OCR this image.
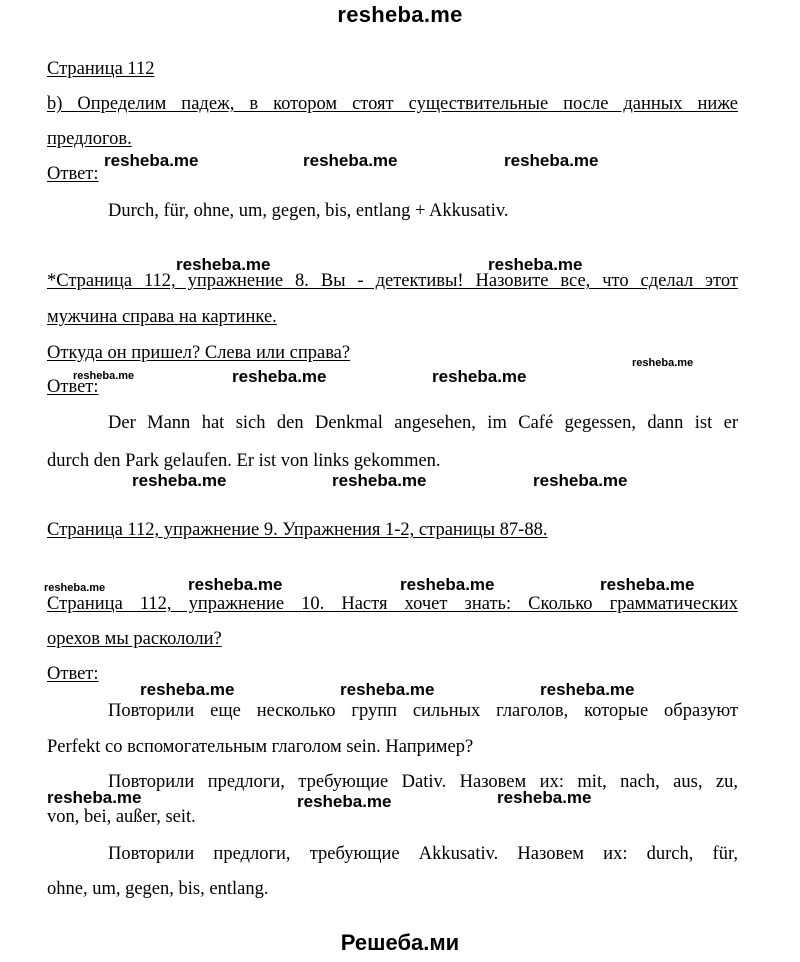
resheba.me
Страница 112
b) Определим падеж, в котором стоят существительные после данных ниже
предлогов.
Ответ:
Durch, für, ohne, um, gegen, bis, entlang + Akkusativ.
*Страница 112, упражнение 8. Вы - детективы! Назовите все, что сделал этот
мужчина справа на картинке.
Откуда он пришел? Слева или справа?
Ответ:
Der Mann hat sich den Denkmal angesehen, im Café gegessen, dann ist er
durch den Park gelaufen. Er ist von links gekommen.
Страница 112, упражнение 9. Упражнения 1-2, страницы 87-88.
Страница 112, упражнение 10. Настя хочет знать: Сколько грамматических
орехов мы раскололи?
Ответ:
Повторили еще несколько групп сильных глаголов, которые образуют
Perfekt со вспомогательным глаголом sein. Например?
Повторили предлоги, требующие Dativ. Назовем их: mit, nach, aus, zu,
von, bei, außer, seit.
Повторили предлоги, требующие Akkusativ. Назовем их: durch, für,
ohne, um, gegen, bis, entlang.
resheba.me	resheba.me	resheba.me
resheba.me	resheba.me
resheba.me	resheba.me	resheba.me
resheba.me
resheba.me	resheba.me	resheba.me
resheba.me	resheba.me	resheba.me	resheba.me
resheba.me	resheba.me	resheba.me
resheba.me	resheba.me	resheba.me
Решеба.ми
